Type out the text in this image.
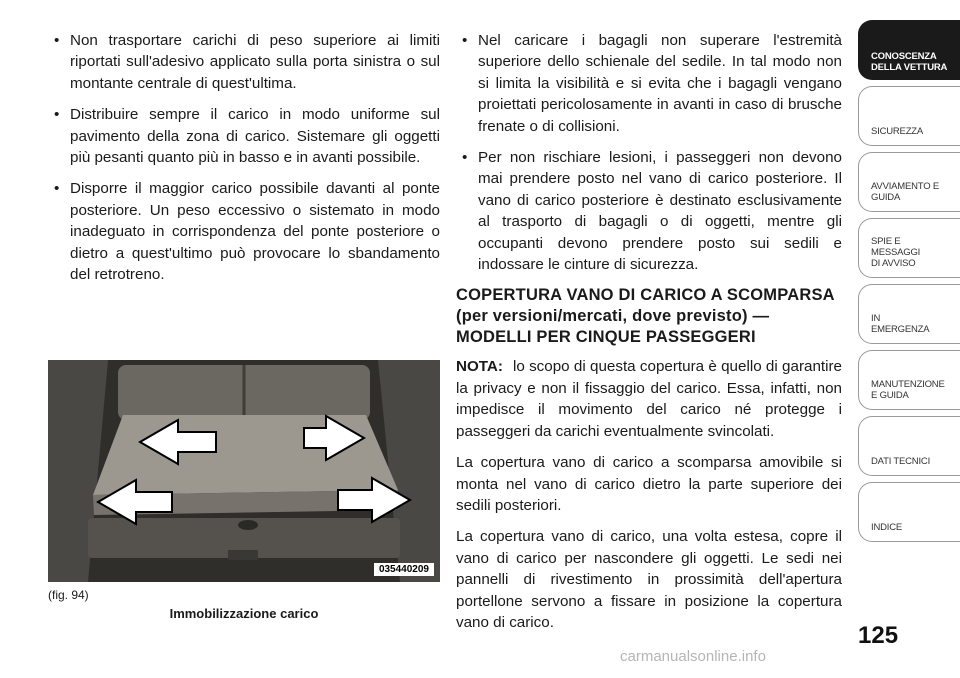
• Non trasportare carichi di peso superiore ai limiti riportati sull'adesivo applicato sulla porta sinistra o sul montante centrale di quest'ultima.
• Distribuire sempre il carico in modo uniforme sul pavimento della zona di carico. Sistemare gli oggetti più pesanti quanto più in basso e in avanti possibile.
• Disporre il maggior carico possibile davanti al ponte posteriore. Un peso eccessivo o sistemato in modo inadeguato in corrispondenza del ponte posteriore o dietro a quest'ultimo può provocare lo sbandamento del retrotreno.
035440209
(fig. 94)
Immobilizzazione carico
• Nel caricare i bagagli non superare l'estremità superiore dello schienale del sedile. In tal modo non si limita la visibilità e si evita che i bagagli vengano proiettati pericolosamente in avanti in caso di brusche frenate o di collisioni.
• Per non rischiare lesioni, i passeggeri non devono mai prendere posto nel vano di carico posteriore. Il vano di carico posteriore è destinato esclusivamente al trasporto di bagagli o di oggetti, mentre gli occupanti devono prendere posto sui sedili e indossare le cinture di sicurezza.
COPERTURA VANO DI CARICO A SCOMPARSA (per versioni/mercati, dove previsto) — MODELLI PER CINQUE PASSEGGERI

NOTA: lo scopo di questa copertura è quello di garantire la privacy e non il fissaggio del carico. Essa, infatti, non impedisce il movimento del carico né protegge i passeggeri da carichi eventualmente svincolati.

La copertura vano di carico a scomparsa amovibile si monta nel vano di carico dietro la parte superiore dei sedili posteriori.

La copertura vano di carico, una volta estesa, copre il vano di carico per nascondere gli oggetti. Le sedi nei pannelli di rivestimento in prossimità dell'apertura portellone servono a fissare in posizione la copertura vano di carico.

CONOSCENZA
DELLA VETTURA
SICUREZZA
AVVIAMENTO E
GUIDA
SPIE E
MESSAGGI
DI AVVISO
IN
EMERGENZA
MANUTENZIONE
E GUIDA
DATI TECNICI
INDICE
125
carmanualsonline.info
